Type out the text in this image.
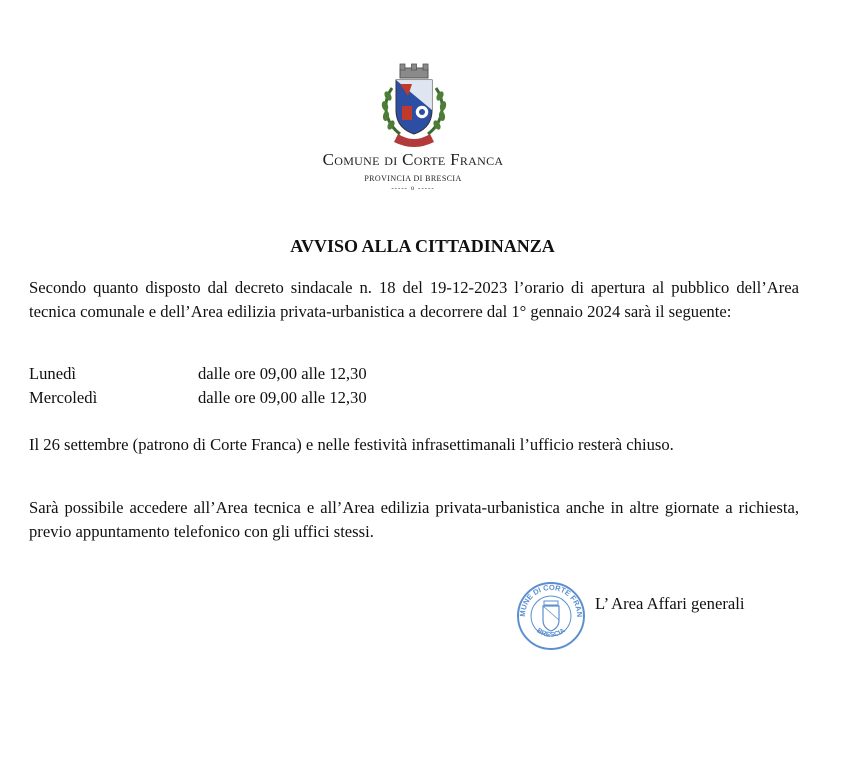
Comune di Corte Franca
PROVINCIA DI BRESCIA
----- o -----
AVVISO ALLA CITTADINANZA
Secondo quanto disposto dal decreto sindacale n. 18 del 19-12-2023 l’orario di apertura al pubblico dell’Area tecnica comunale e dell’Area edilizia privata-urbanistica a decorrere dal 1° gennaio 2024 sarà il seguente:
Lunedì	dalle ore 09,00 alle 12,30
Mercoledì	dalle ore 09,00 alle 12,30
Il 26 settembre (patrono di Corte Franca) e nelle festività infrasettimanali l’ufficio resterà chiuso.
Sarà possibile accedere all’Area tecnica e all’Area edilizia privata-urbanistica anche in altre giornate a richiesta, previo appuntamento telefonico con gli uffici stessi.
MUNE DI CORTE FRAN
BRESCIA
L’ Area Affari generali
